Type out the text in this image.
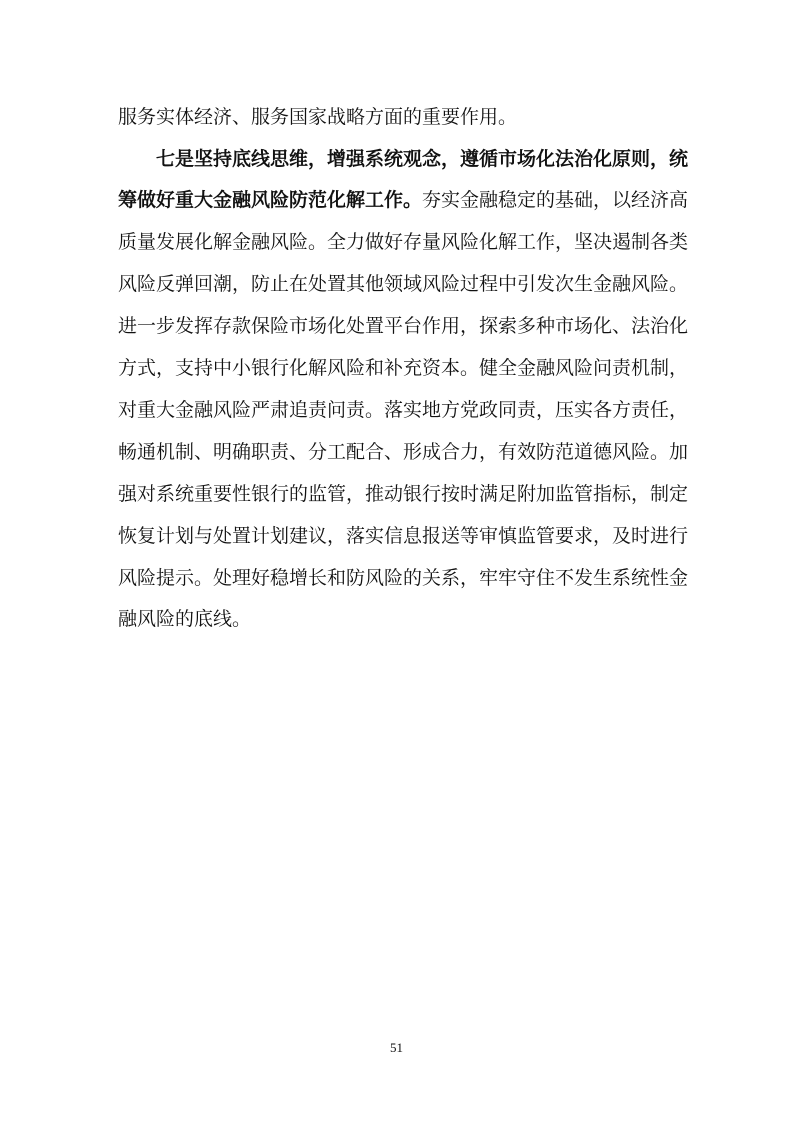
服务实体经济、服务国家战略方面的重要作用。
七是坚持底线思维，增强系统观念，遵循市场化法治化原则，统
筹做好重大金融风险防范化解工作。夯实金融稳定的基础，以经济高
质量发展化解金融风险。全力做好存量风险化解工作，坚决遏制各类
风险反弹回潮，防止在处置其他领域风险过程中引发次生金融风险。
进一步发挥存款保险市场化处置平台作用，探索多种市场化、法治化
方式，支持中小银行化解风险和补充资本。健全金融风险问责机制，
对重大金融风险严肃追责问责。落实地方党政同责，压实各方责任，
畅通机制、明确职责、分工配合、形成合力，有效防范道德风险。加
强对系统重要性银行的监管，推动银行按时满足附加监管指标，制定
恢复计划与处置计划建议，落实信息报送等审慎监管要求，及时进行
风险提示。处理好稳增长和防风险的关系，牢牢守住不发生系统性金
融风险的底线。
51
